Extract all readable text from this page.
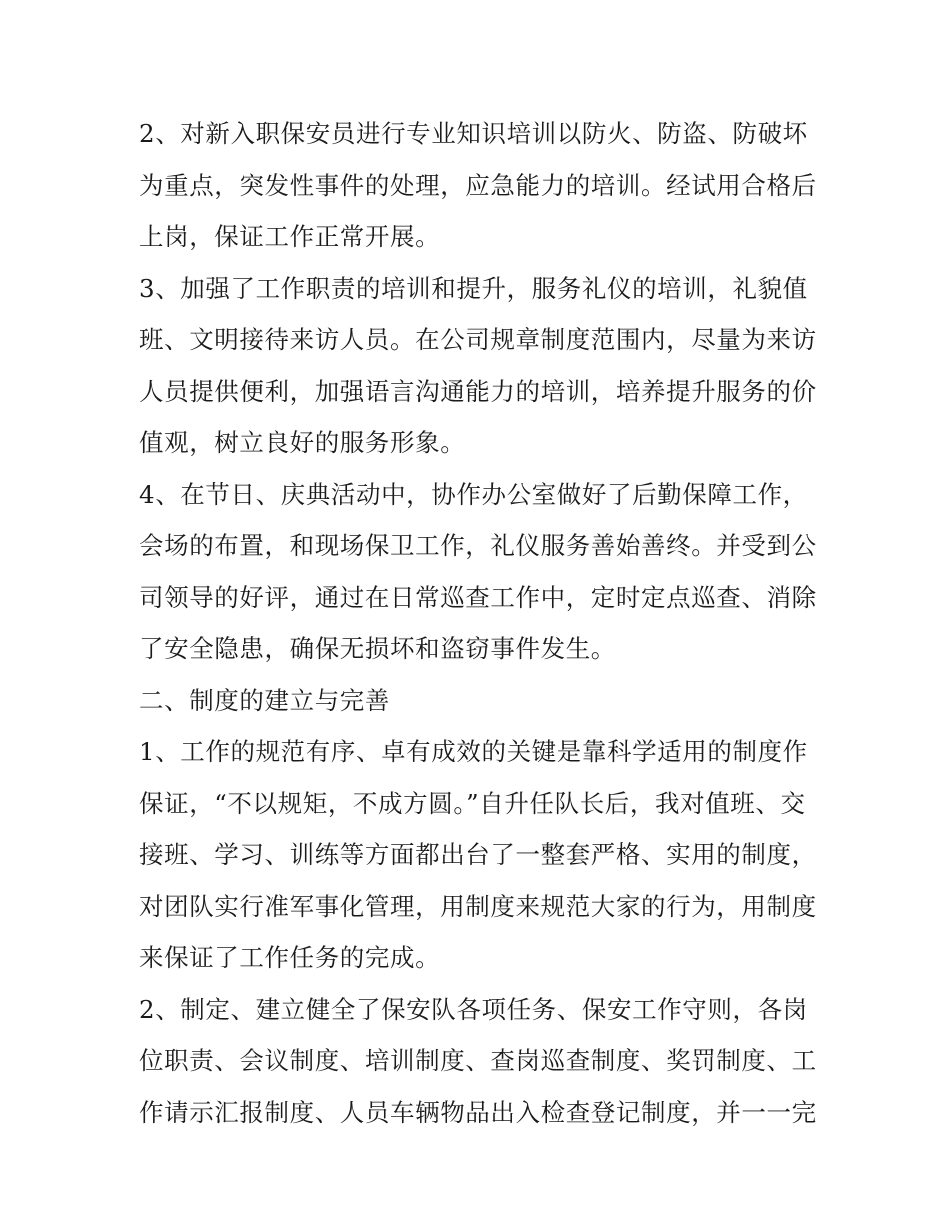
2、对新入职保安员进行专业知识培训以防火、防盗、防破坏
为重点，突发性事件的处理，应急能力的培训。经试用合格后
上岗，保证工作正常开展。
3、加强了工作职责的培训和提升，服务礼仪的培训，礼貌值
班、文明接待来访人员。在公司规章制度范围内，尽量为来访
人员提供便利，加强语言沟通能力的培训，培养提升服务的价
值观，树立良好的服务形象。
4、在节日、庆典活动中，协作办公室做好了后勤保障工作，
会场的布置，和现场保卫工作，礼仪服务善始善终。并受到公
司领导的好评，通过在日常巡查工作中，定时定点巡查、消除
了安全隐患，确保无损坏和盗窃事件发生。
二、制度的建立与完善
1、工作的规范有序、卓有成效的关键是靠科学适用的制度作
保证，“不以规矩，不成方圆。”自升任队长后，我对值班、交
接班、学习、训练等方面都出台了一整套严格、实用的制度，
对团队实行准军事化管理，用制度来规范大家的行为，用制度
来保证了工作任务的完成。
2、制定、建立健全了保安队各项任务、保安工作守则，各岗
位职责、会议制度、培训制度、查岗巡查制度、奖罚制度、工
作请示汇报制度、人员车辆物品出入检查登记制度，并一一完
